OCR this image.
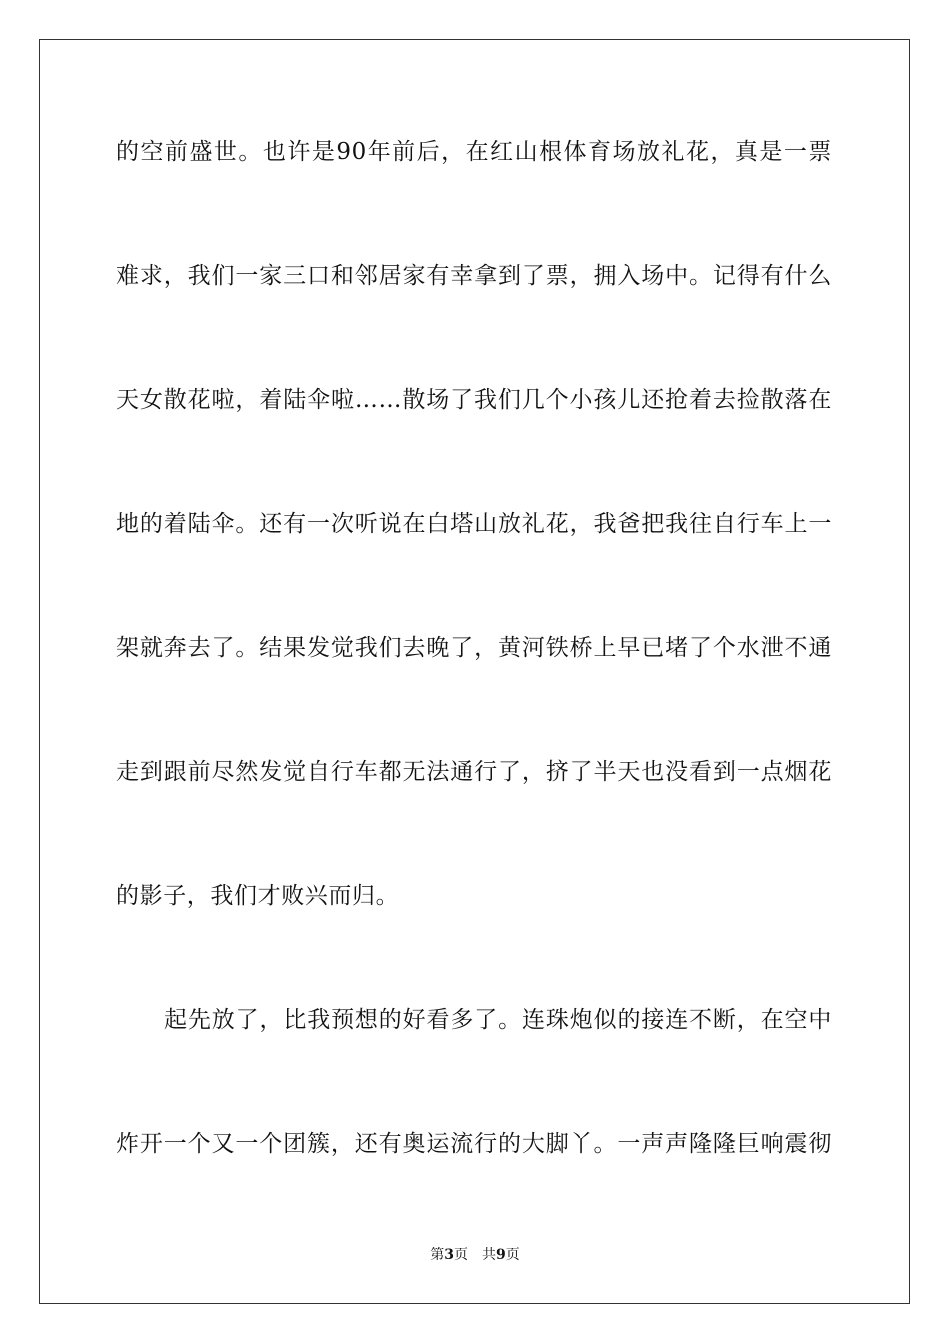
的空前盛世。也许是90年前后，在红山根体育场放礼花，真是一票
难求，我们一家三口和邻居家有幸拿到了票，拥入场中。记得有什么
天女散花啦，着陆伞啦……散场了我们几个小孩儿还抢着去捡散落在
地的着陆伞。还有一次听说在白塔山放礼花，我爸把我往自行车上一
架就奔去了。结果发觉我们去晚了，黄河铁桥上早已堵了个水泄不通
走到跟前尽然发觉自行车都无法通行了，挤了半天也没看到一点烟花
的影子，我们才败兴而归。
起先放了，比我预想的好看多了。连珠炮似的接连不断，在空中
炸开一个又一个团簇，还有奥运流行的大脚丫。一声声隆隆巨响震彻
第3页 共9页
